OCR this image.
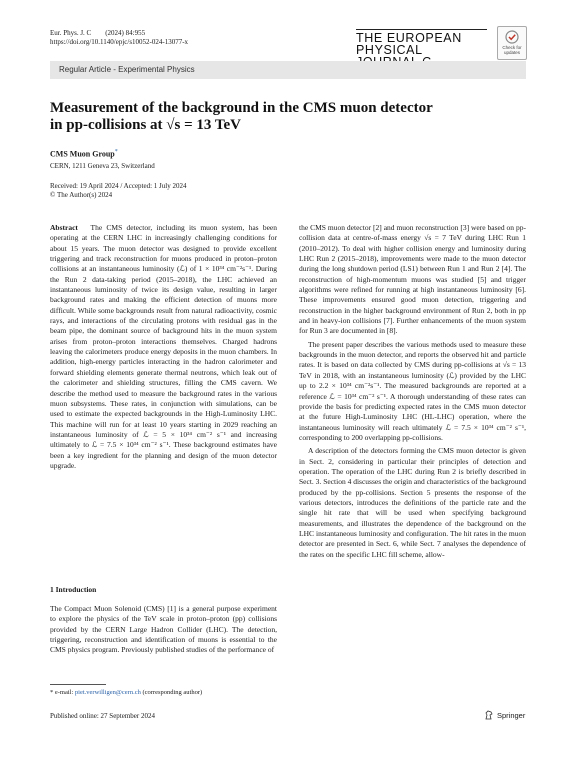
Eur. Phys. J. C        (2024) 84:955
https://doi.org/10.1140/epjc/s10052-024-13077-x	THE EUROPEAN
PHYSICAL	Check for updates
Regular Article - Experimental Physics
Measurement of the background in the CMS muon detector
in pp-collisions at √s = 13 TeV
CMS Muon Group*
CERN, 1211 Geneva 23, Switzerland
Received: 19 April 2024 / Accepted: 1 July 2024
© The Author(s) 2024

Abstract The CMS detector, including its muon system, has been operating at the CERN LHC in increasingly challenging conditions for about 15 years. The muon detector was designed to provide excellent triggering and track reconstruction for muons produced in proton–proton collisions at an instantaneous luminosity (ℒ) of 1 × 10³⁴ cm⁻²s⁻¹. During the Run 2 data-taking period (2015–2018), the LHC achieved an instantaneous luminosity of twice its design value, resulting in larger background rates and making the efficient detection of muons more difficult. While some backgrounds result from natural radioactivity, cosmic rays, and interactions of the circulating protons with residual gas in the beam pipe, the dominant source of background hits in the muon system arises from proton–proton interactions themselves. Charged hadrons leaving the calorimeters produce energy deposits in the muon chambers. In addition, high-energy particles interacting in the hadron calorimeter and forward shielding elements generate thermal neutrons, which leak out of the calorimeter and shielding structures, filling the CMS cavern. We describe the method used to measure the background rates in the various muon subsystems. These rates, in conjunction with simulations, can be used to estimate the expected backgrounds in the High-Luminosity LHC. This machine will run for at least 10 years starting in 2029 reaching an instantaneous luminosity of ℒ = 5 × 10³⁴ cm⁻² s⁻¹ and increasing ultimately to ℒ = 7.5 × 10³⁴ cm⁻² s⁻¹. These background estimates have been a key ingredient for the planning and design of the muon detector upgrade.

1 Introduction

The Compact Muon Solenoid (CMS) [1] is a general purpose experiment to explore the physics of the TeV scale in proton–proton (pp) collisions provided by the CERN Large Hadron Collider (LHC). The detection, triggering, reconstruction and identification of muons is essential to the CMS physics program. Previously published studies of the performance of

the CMS muon detector [2] and muon reconstruction [3] were based on pp-collision data at centre-of-mass energy √s = 7 TeV during LHC Run 1 (2010–2012). To deal with higher collision energy and luminosity during LHC Run 2 (2015–2018), improvements were made to the muon detector during the long shutdown period (LS1) between Run 1 and Run 2 [4]. The reconstruction of high-momentum muons was studied [5] and trigger algorithms were refined for running at high instantaneous luminosity [6]. These improvements ensured good muon detection, triggering and reconstruction in the higher background environment of Run 2, both in pp and in heavy-ion collisions [7]. Further enhancements of the muon system for Run 3 are documented in [8].

The present paper describes the various methods used to measure these backgrounds in the muon detector, and reports the observed hit and particle rates. It is based on data collected by CMS during pp-collisions at √s = 13 TeV in 2018, with an instantaneous luminosity (ℒ) provided by the LHC up to 2.2 × 10³⁴ cm⁻²s⁻¹. The measured backgrounds are reported at a reference ℒ = 10³⁴ cm⁻² s⁻¹. A thorough understanding of these rates can provide the basis for predicting expected rates in the CMS muon detector at the future High-Luminosity LHC (HL-LHC) operation, where the instantaneous luminosity will reach ultimately ℒ = 7.5 × 10³⁴ cm⁻² s⁻¹, corresponding to 200 overlapping pp-collisions.

A description of the detectors forming the CMS muon detector is given in Sect. 2, considering in particular their principles of detection and operation. The operation of the LHC during Run 2 is briefly described in Sect. 3. Section 4 discusses the origin and characteristics of the background produced by the pp-collisions. Section 5 presents the response of the various detectors, introduces the definitions of the particle rate and the single hit rate that will be used when specifying background measurements, and illustrates the dependence of the background on the LHC instantaneous luminosity and configuration. The hit rates in the muon detector are presented in Sect. 6, while Sect. 7 analyses the dependence of the rates on the specific LHC fill scheme, allow-

* e-mail: piet.verwilligen@cern.ch (corresponding author)
Published online: 27 September 2024	Springer
